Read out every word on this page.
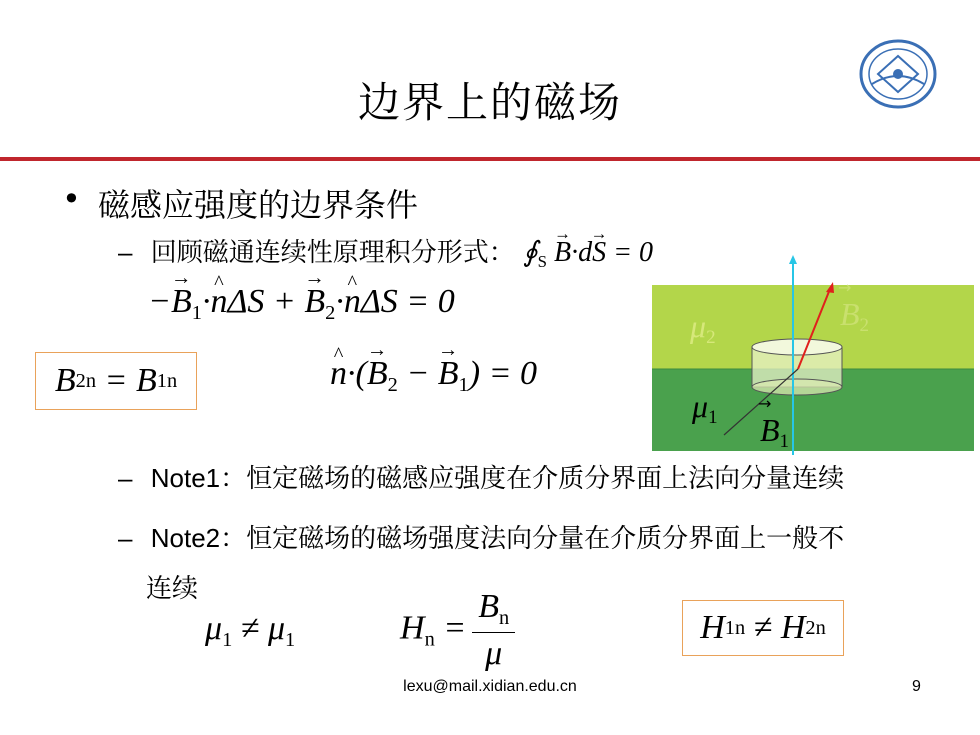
边界上的磁场
• 磁感应强度的边界条件
– 回顾磁通连续性原理积分形式： $∮_S \to B\cdot d\to S = 0$
−→ $B_1\cdot\^{}$ nΔS + → $B_2\cdot\^{}$ nΔS = 0
B 2n = B 1n	^ $n\cdot(\to B_2$ − → $B_1) = 0$
μ2
B2
→
μ1 B1
→
– Note1：恒定磁场的磁感应强度在介质分界面上法向分量连续
– Note2：恒定磁场的磁场强度法向分量在介质分界面上一般不
连续
$\mu_1 \ne \mu_1$	$H_n = \frac{B_n}{\mu}$	H 1n ≠ H 2n
lexu@mail.xidian.edu.cn	9
